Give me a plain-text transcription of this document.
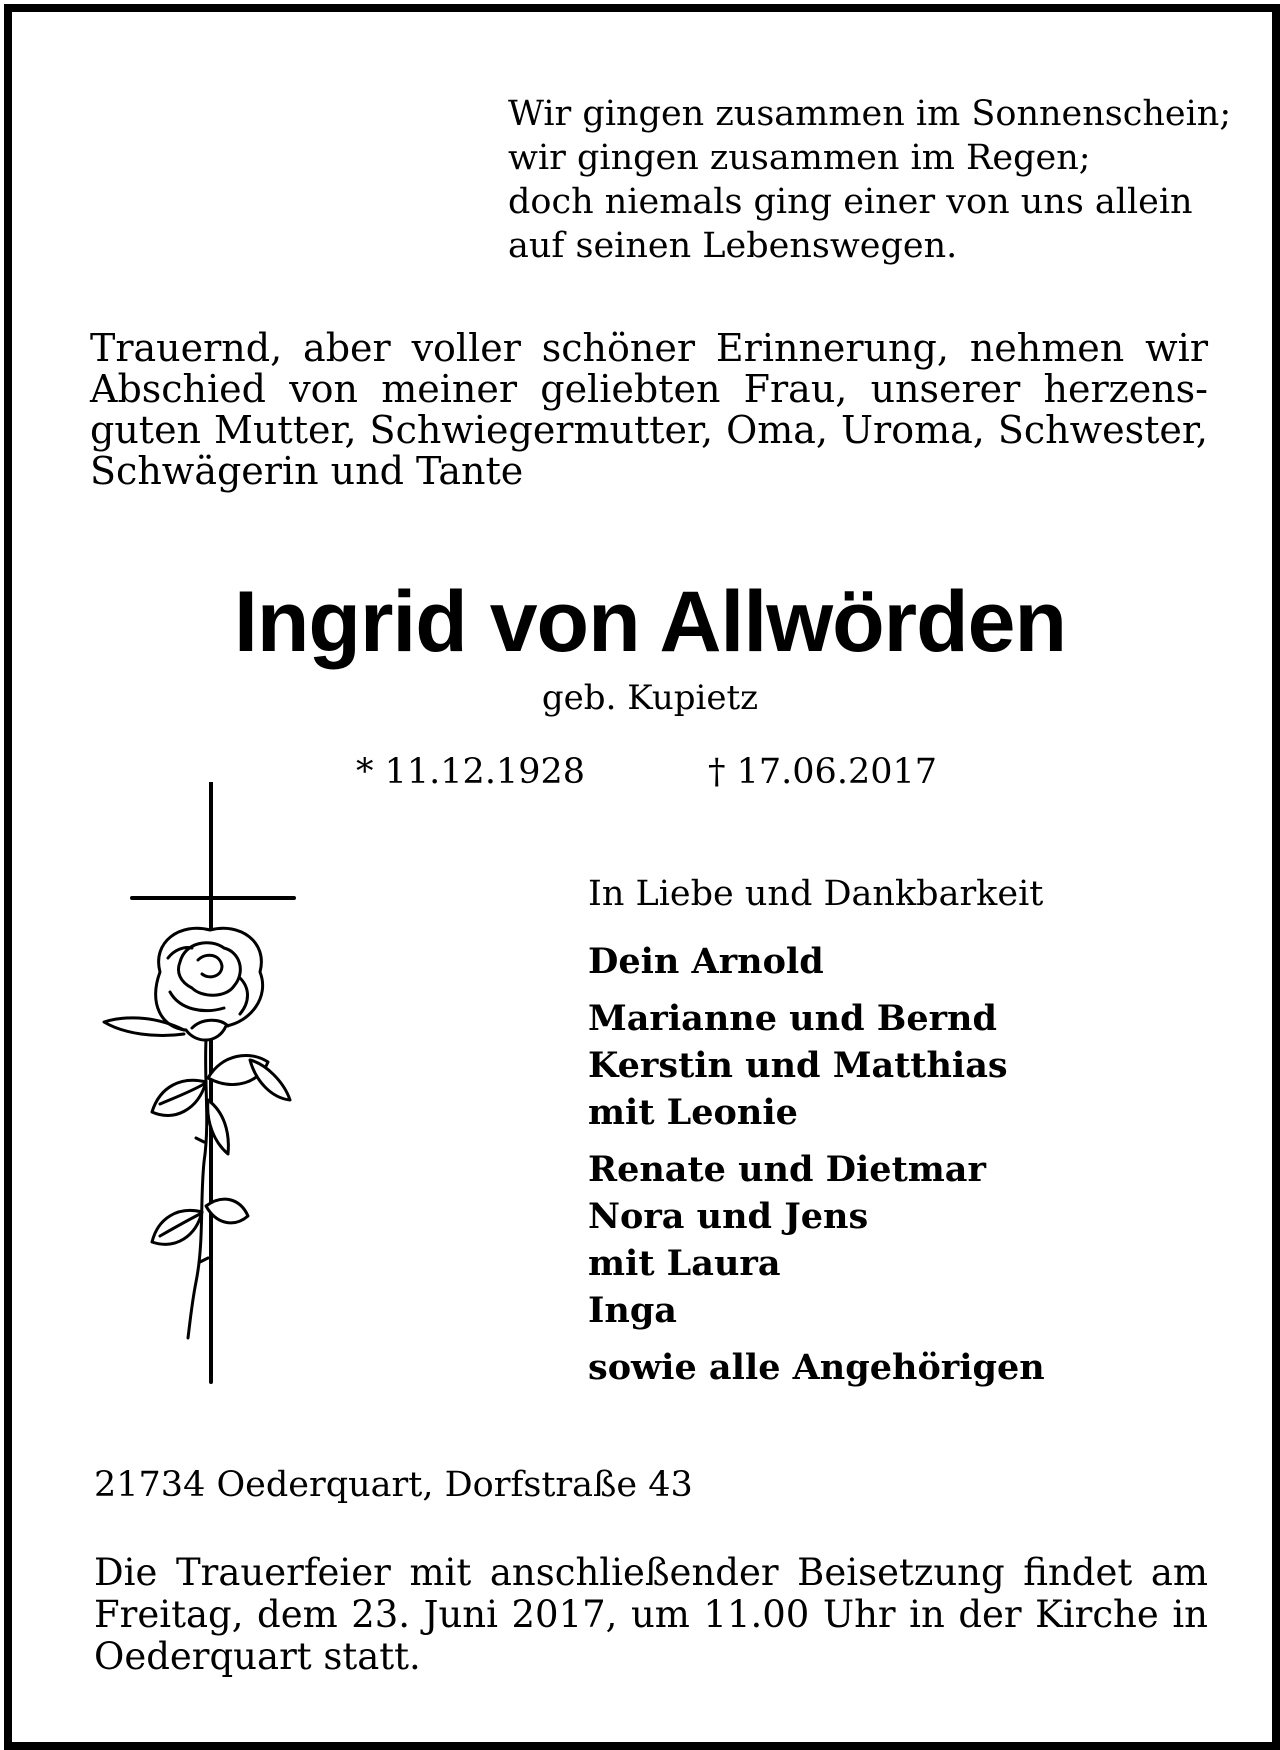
Wir gingen zusammen im Sonnenschein;
wir gingen zusammen im Regen;
doch niemals ging einer von uns allein
auf seinen Lebenswegen.
Trauernd, aber voller schöner Erinnerung, nehmen wir
Abschied von meiner geliebten Frau, unserer herzens-
guten Mutter, Schwiegermutter, Oma, Uroma, Schwester,
Schwägerin und Tante
Ingrid von Allwörden
geb. Kupietz
* 11.12.1928	† 17.06.2017
In Liebe und Dankbarkeit
Dein Arnold
Marianne und Bernd
Kerstin und Matthias
mit Leonie
Renate und Dietmar
Nora und Jens
mit Laura
Inga
sowie alle Angehörigen
21734 Oederquart, Dorfstraße 43
Die Trauerfeier mit anschließender Beisetzung findet am
Freitag, dem 23. Juni 2017, um 11.00 Uhr in der Kirche in
Oederquart statt.
